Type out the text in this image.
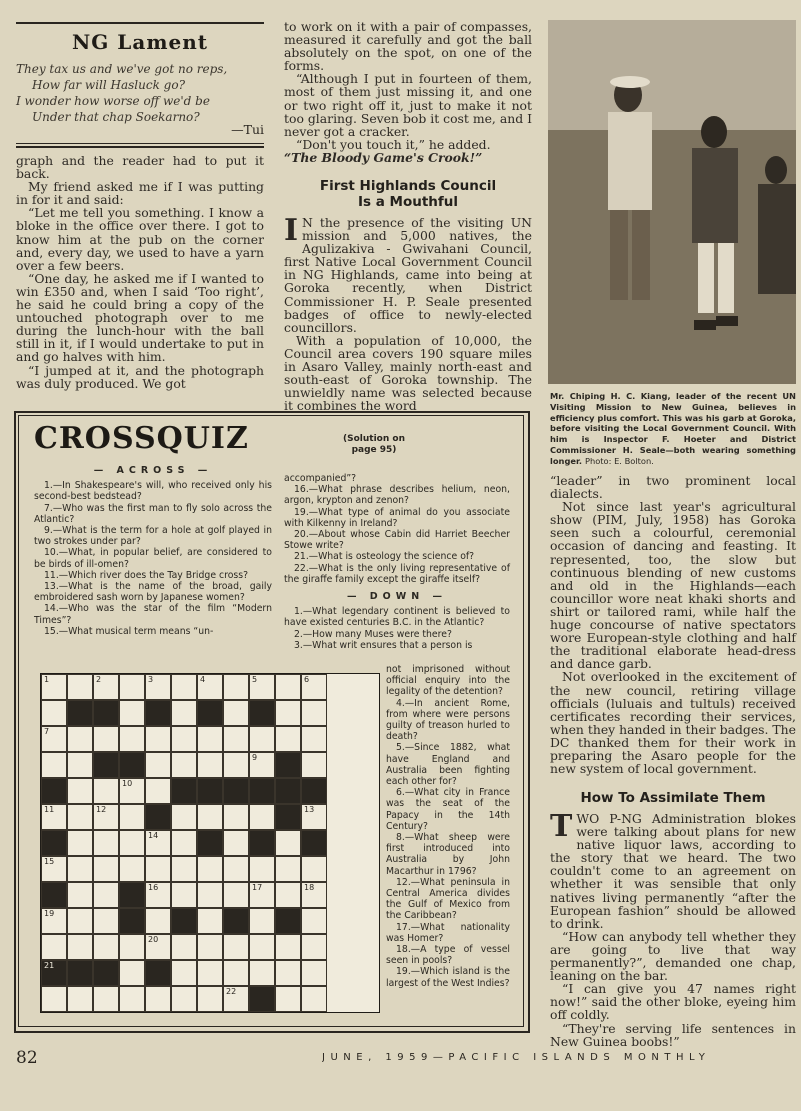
NG Lament
They tax us and we've got no reps,
How far will Hasluck go?
I wonder how worse off we'd be
Under that chap Soekarno?
—Tui

graph and the reader had to put it back.

My friend asked me if I was putting in for it and said:

“Let me tell you something. I know a bloke in the office over there. I got to know him at the pub on the corner and, every day, we used to have a yarn over a few beers.

“One day, he asked me if I wanted to win £350 and, when I said ‘Too right’, he said he could bring a copy of the untouched photograph over to me during the lunch-hour with the ball still in it, if I would undertake to put in and go halves with him.

“I jumped at it, and the photograph was duly produced. We got

to work on it with a pair of compasses, measured it carefully and got the ball absolutely on the spot, on one of the forms.

“Although I put in fourteen of them, most of them just missing it, and one or two right off it, just to make it not too glaring. Seven bob it cost me, and I never got a cracker.

“Don't you touch it,” he added.

“The Bloody Game's Crook!”

First Highlands Council
Is a Mouthful

I N the presence of the visiting UN mission and 5,000 natives, the Agulizakiva - Gwivahani Council, first Native Local Government Council in NG Highlands, came into being at Goroka recently, when District Commissioner H. P. Seale presented badges of office to newly-elected councillors.

With a population of 10,000, the Council area covers 190 square miles in Asaro Valley, mainly north-east and south-east of Goroka township. The unwieldly name was selected because it combines the word

Mr. Chiping H. C. Kiang, leader of the recent UN Visiting Mission to New Guinea, believes in efficiency plus comfort. This was his garb at Goroka, before visiting the Local Government Council. With him is Inspector F. Hoeter and District Commissioner H. Seale—both wearing something longer. Photo: E. Bolton.

“leader” in two prominent local dialects.

Not since last year's agricultural show (PIM, July, 1958) has Goroka seen such a colourful, ceremonial occasion of dancing and feasting. It represented, too, the slow but continuous blending of new customs and old in the Highlands—each councillor wore neat khaki shorts and shirt or tailored rami, while half the huge concourse of native spectators wore European-style clothing and half the traditional elaborate head-dress and dance garb.

Not overlooked in the excitement of the new council, retiring village officials (luluais and tultuls) received certificates recording their services, when they handed in their badges. The DC thanked them for their work in preparing the Asaro people for the new system of local government.

How To Assimilate Them

TWO P-NG Administration blokes were talking about plans for new native liquor laws, according to the story that we heard. The two couldn't come to an agreement on whether it was sensible that only natives living permanently “after the European fashion” should be allowed to drink.

“How can anybody tell whether they are going to live that way permanently?”, demanded one chap, leaning on the bar.

“I can give you 47 names right now!” said the other bloke, eyeing him off coldly.

“They're serving life sentences in New Guinea boobs!”

CROSSQUIZ	(Solution on page 95)
— ACROSS —

1.—In Shakespeare's will, who received only his second-best bedstead?

7.—Who was the first man to fly solo across the Atlantic?

9.—What is the term for a hole at golf played in two strokes under par?

10.—What, in popular belief, are considered to be birds of ill-omen?

11.—Which river does the Tay Bridge cross?

13.—What is the name of the broad, gaily embroidered sash worn by Japanese women?

14.—Who was the star of the film “Modern Times”?

15.—What musical term means “un-

accompanied”?

16.—What phrase describes helium, neon, argon, krypton and zenon?

19.—What type of animal do you associate with Kilkenny in Ireland?

20.—About whose Cabin did Harriet Beecher Stowe write?

21.—What is osteology the science of?

22.—What is the only living representative of the giraffe family except the giraffe itself?

— DOWN —

1.—What legendary continent is believed to have existed centuries B.C. in the Atlantic?

2.—How many Muses were there?

3.—What writ ensures that a person is

not imprisoned without official enquiry into the legality of the detention?

4.—In ancient Rome, from where were persons guilty of treason hurled to death?

5.—Since 1882, what have England and Australia been fighting each other for?

6.—What city in France was the seat of the Papacy in the 14th Century?

8.—What sheep were first introduced into Australia by John Macarthur in 1796?

12.—What peninsula in Central America divides the Gulf of Mexico from the Caribbean?

17.—What nationality was Homer?

18.—A type of vessel seen in pools?

19.—Which island is the largest of the West Indies?

1	2	3	4	5	6
7
9
10
11	12	13
14
15
16	17	18
19
20
21
22
82	JUNE, 1959—PACIFIC ISLANDS MONTHLY
